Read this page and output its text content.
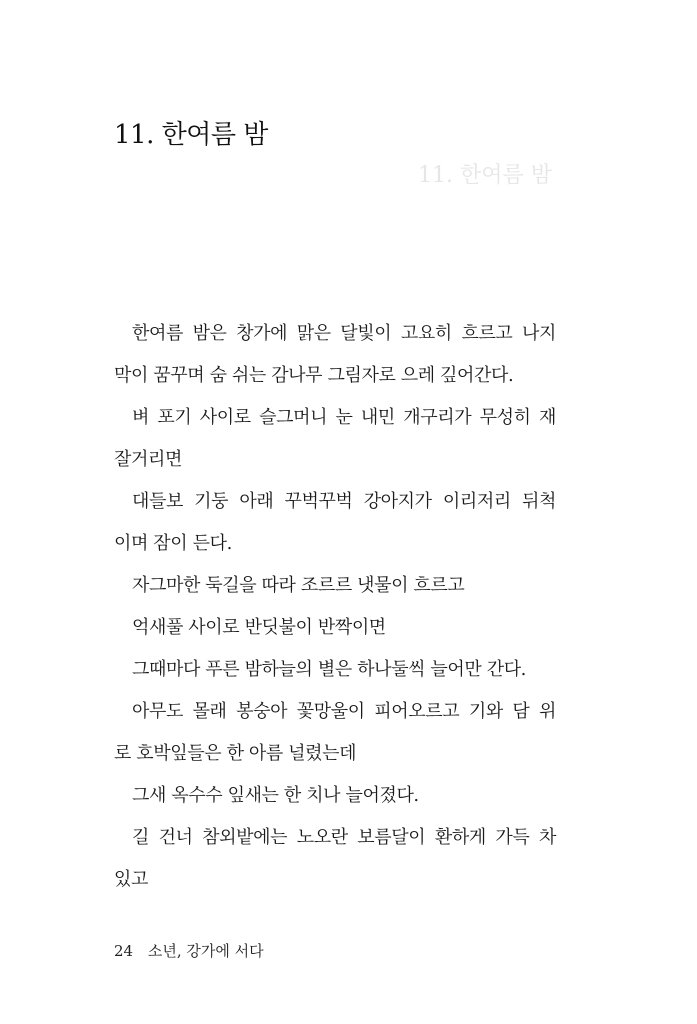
11. 한여름 밤
11. 한여름 밤
한여름 밤은 창가에 맑은 달빛이 고요히 흐르고 나지
막이 꿈꾸며 숨 쉬는 감나무 그림자로 으레 깊어간다.
벼 포기 사이로 슬그머니 눈 내민 개구리가 무성히 재
잘거리면
대들보 기둥 아래 꾸벅꾸벅 강아지가 이리저리 뒤척
이며 잠이 든다.
자그마한 둑길을 따라 조르르 냇물이 흐르고
억새풀 사이로 반딧불이 반짝이면
그때마다 푸른 밤하늘의 별은 하나둘씩 늘어만 간다.
아무도 몰래 봉숭아 꽃망울이 피어오르고 기와 담 위
로 호박잎들은 한 아름 널렸는데
그새 옥수수 잎새는 한 치나 늘어졌다.
길 건너 참외밭에는 노오란 보름달이 환하게 가득 차
있고
24 소년, 강가에 서다
